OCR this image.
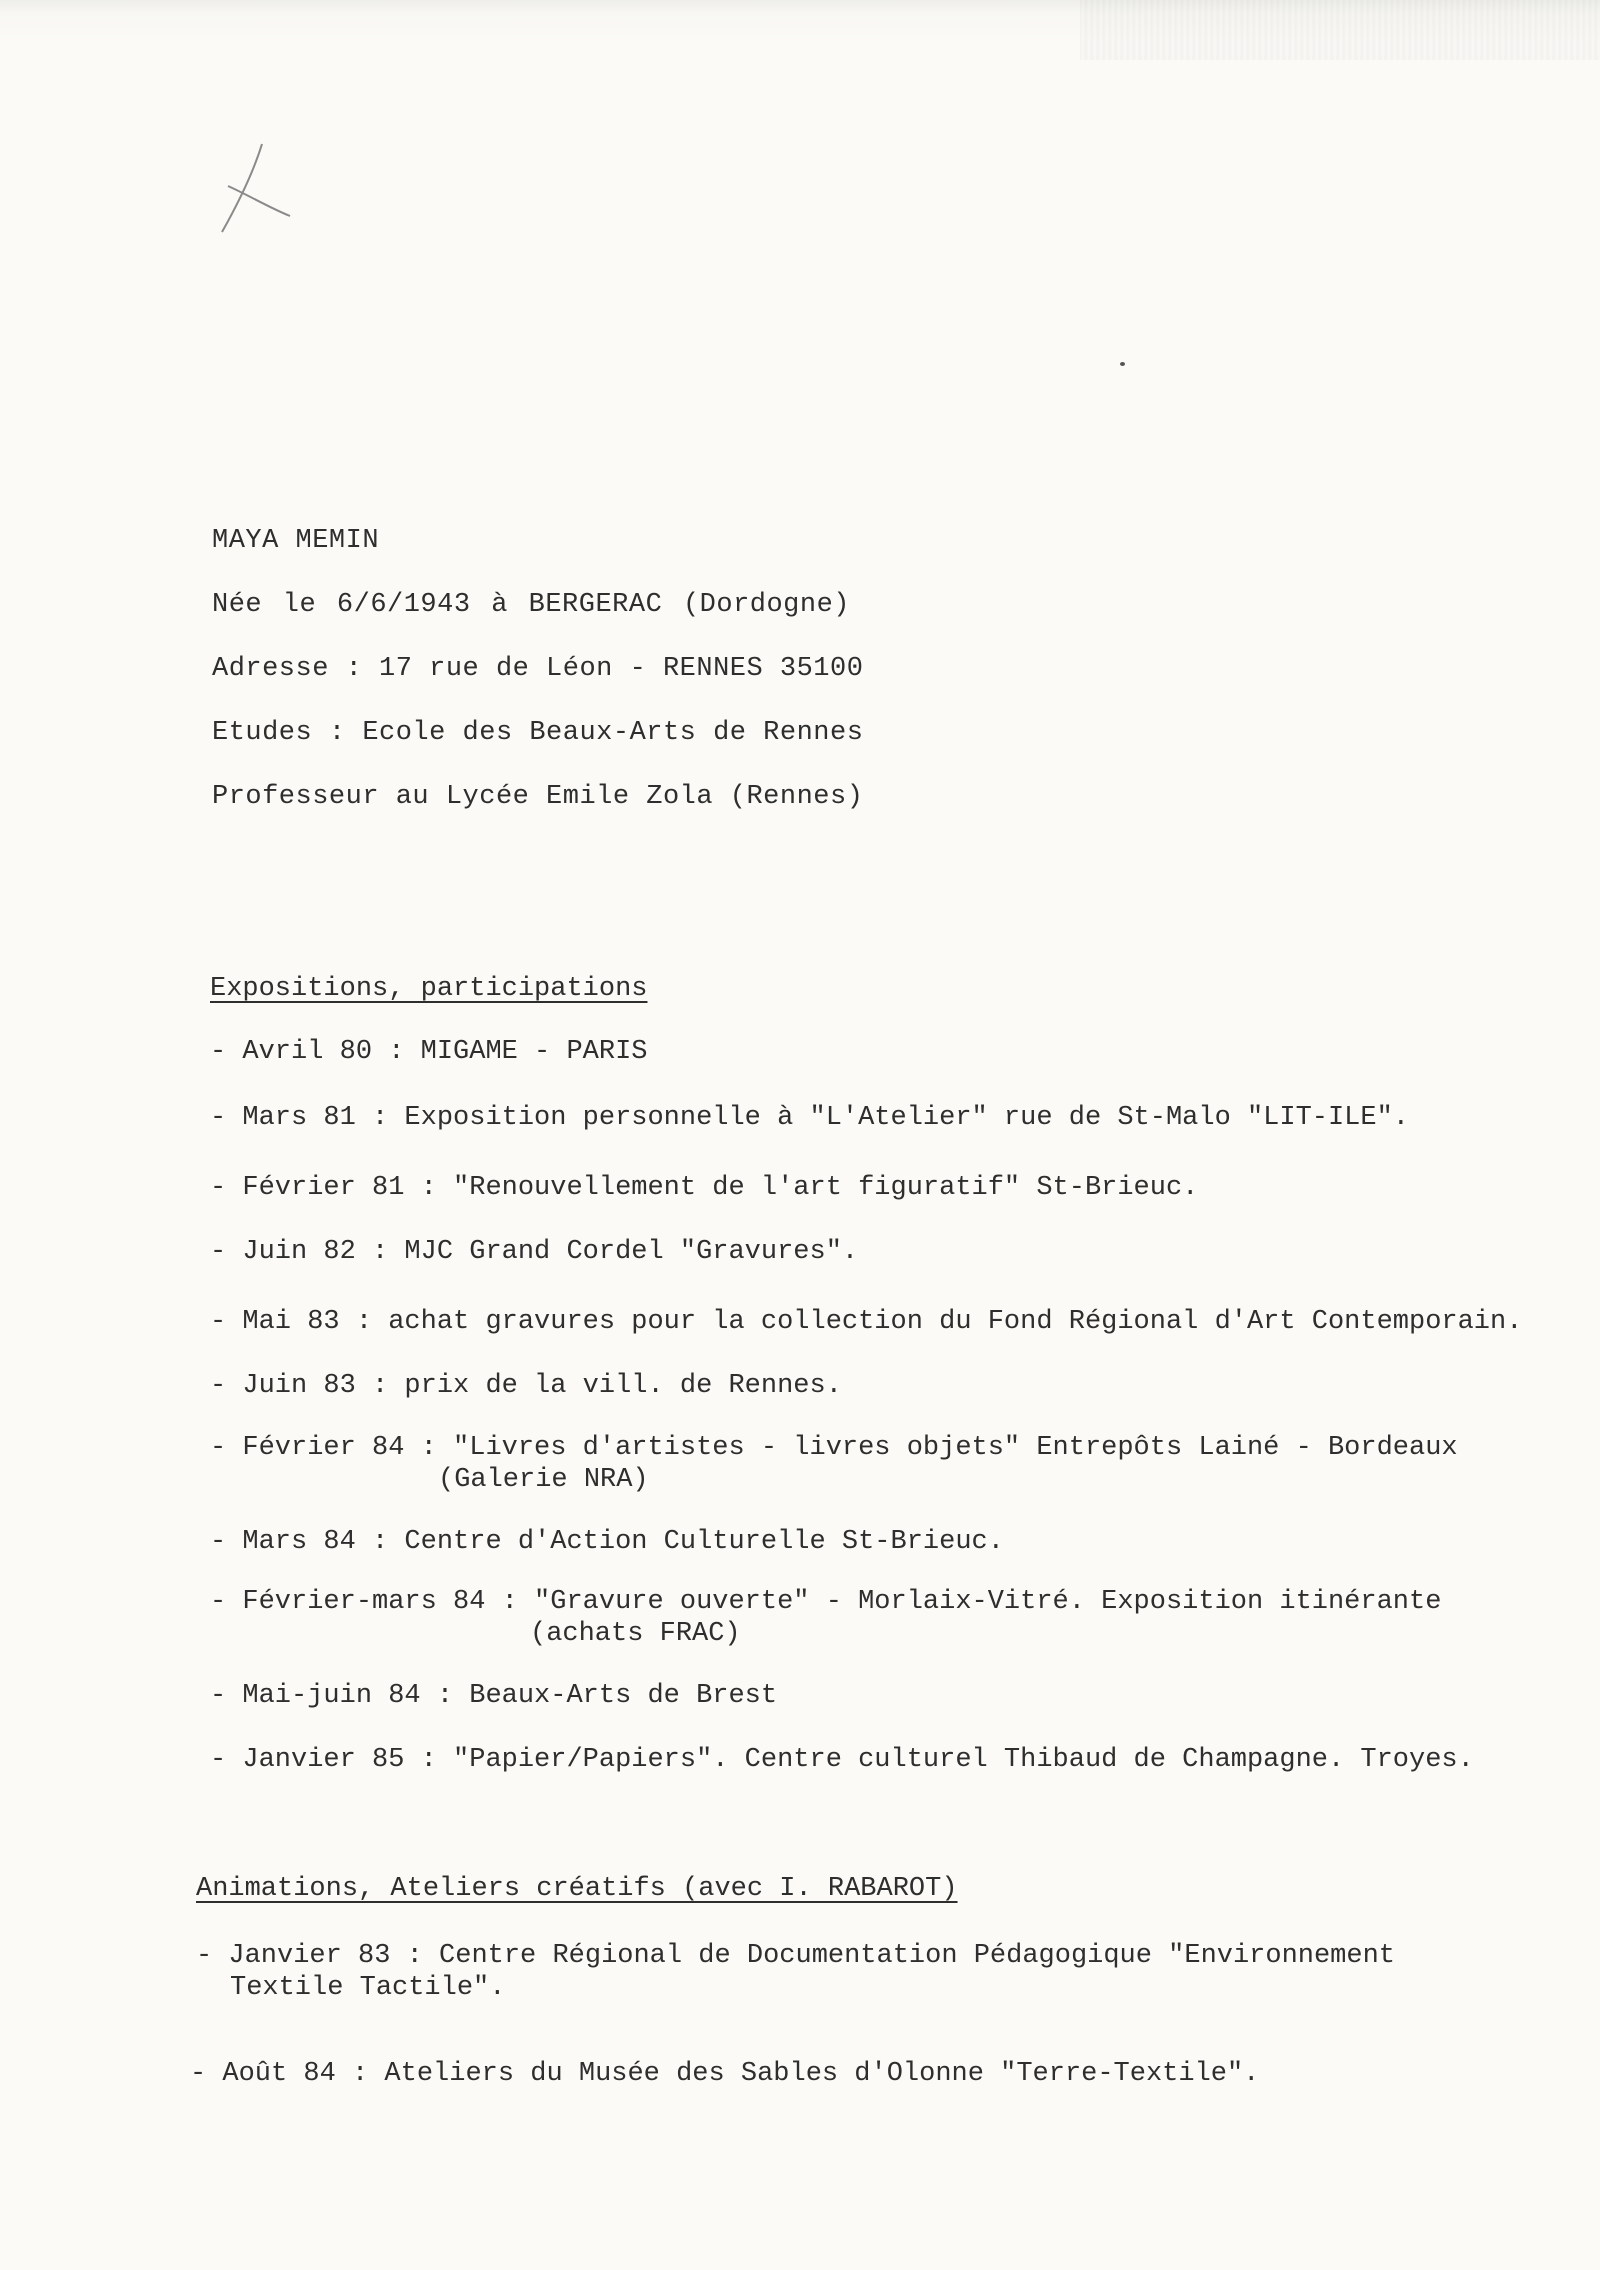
MAYA MEMIN
Née le 6/6/1943 à BERGERAC (Dordogne)
Adresse : 17 rue de Léon - RENNES 35100
Etudes : Ecole des Beaux-Arts de Rennes
Professeur au Lycée Emile Zola (Rennes)
Expositions, participations
- Avril 80 : MIGAME - PARIS
- Mars 81 : Exposition personnelle à "L'Atelier" rue de St-Malo "LIT-ILE".
- Février 81 : "Renouvellement de l'art figuratif" St-Brieuc.
- Juin 82 : MJC Grand Cordel "Gravures".
- Mai 83 : achat gravures pour la collection du Fond Régional d'Art Contemporain.
- Juin 83 : prix de la vill. de Rennes.
- Février 84 : "Livres d'artistes - livres objets" Entrepôts Lainé - Bordeaux
(Galerie NRA)
- Mars 84 : Centre d'Action Culturelle St-Brieuc.
- Février-mars 84 : "Gravure ouverte" - Morlaix-Vitré. Exposition itinérante
(achats FRAC)
- Mai-juin 84 : Beaux-Arts de Brest
- Janvier 85 : "Papier/Papiers". Centre culturel Thibaud de Champagne. Troyes.
Animations, Ateliers créatifs (avec I. RABAROT)
- Janvier 83 : Centre Régional de Documentation Pédagogique "Environnement
Textile Tactile".
- Août 84 : Ateliers du Musée des Sables d'Olonne "Terre-Textile".
